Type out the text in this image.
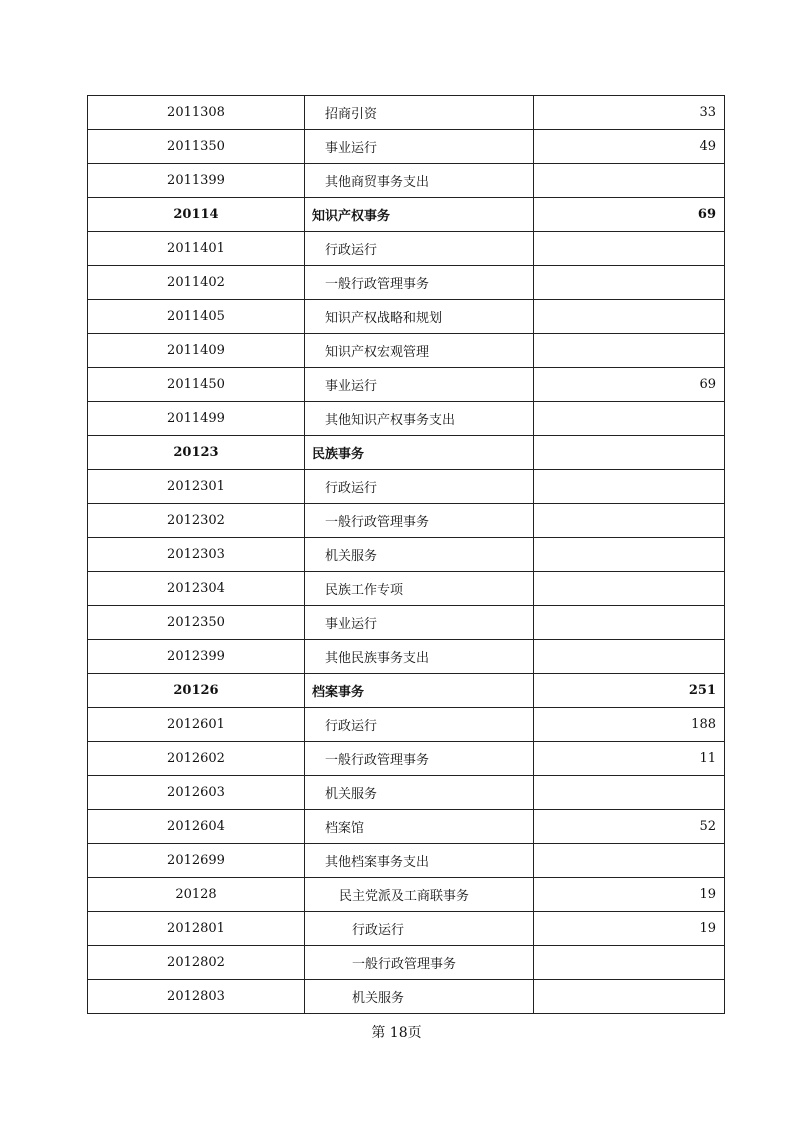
2011308	招商引资	33
2011350	事业运行	49
2011399	其他商贸事务支出	
20114	知识产权事务	69
2011401	行政运行	
2011402	一般行政管理事务	
2011405	知识产权战略和规划	
2011409	知识产权宏观管理	
2011450	事业运行	69
2011499	其他知识产权事务支出	
20123	民族事务	
2012301	行政运行	
2012302	一般行政管理事务	
2012303	机关服务	
2012304	民族工作专项	
2012350	事业运行	
2012399	其他民族事务支出	
20126	档案事务	251
2012601	行政运行	188
2012602	一般行政管理事务	11
2012603	机关服务	
2012604	档案馆	52
2012699	其他档案事务支出	
20128	民主党派及工商联事务	19
2012801	行政运行	19
2012802	一般行政管理事务	
2012803	机关服务	
第 18页
